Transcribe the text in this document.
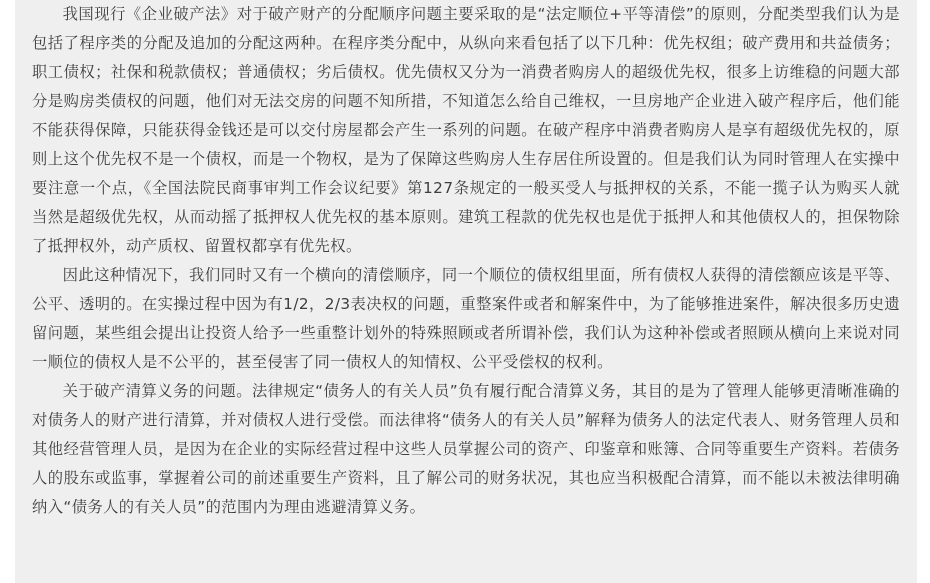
我国现行《企业破产法》对于破产财产的分配顺序问题主要采取的是“法定顺位+平等清偿”的原则，分配类型我们认为是包括了程序类的分配及追加的分配这两种。在程序类分配中，从纵向来看包括了以下几种：优先权组；破产费用和共益债务；职工债权；社保和税款债权；普通债权；劣后债权。优先债权又分为一消费者购房人的超级优先权，很多上访维稳的问题大部分是购房类债权的问题，他们对无法交房的问题不知所措，不知道怎么给自己维权，一旦房地产企业进入破产程序后，他们能不能获得保障，只能获得金钱还是可以交付房屋都会产生一系列的问题。在破产程序中消费者购房人是享有超级优先权的，原则上这个优先权不是一个债权，而是一个物权，是为了保障这些购房人生存居住所设置的。但是我们认为同时管理人在实操中要注意一个点，《全国法院民商事审判工作会议纪要》第127条规定的一般买受人与抵押权的关系，不能一揽子认为购买人就当然是超级优先权，从而动摇了抵押权人优先权的基本原则。建筑工程款的优先权也是优于抵押人和其他债权人的，担保物除了抵押权外，动产质权、留置权都享有优先权。

因此这种情况下，我们同时又有一个横向的清偿顺序，同一个顺位的债权组里面，所有债权人获得的清偿额应该是平等、公平、透明的。在实操过程中因为有1/2，2/3表决权的问题，重整案件或者和解案件中，为了能够推进案件，解决很多历史遗留问题，某些组会提出让投资人给予一些重整计划外的特殊照顾或者所谓补偿，我们认为这种补偿或者照顾从横向上来说对同一顺位的债权人是不公平的，甚至侵害了同一债权人的知情权、公平受偿权的权利。

关于破产清算义务的问题。法律规定“债务人的有关人员”负有履行配合清算义务，其目的是为了管理人能够更清晰准确的对债务人的财产进行清算，并对债权人进行受偿。而法律将“债务人的有关人员”解释为债务人的法定代表人、财务管理人员和其他经营管理人员，是因为在企业的实际经营过程中这些人员掌握公司的资产、印鉴章和账簿、合同等重要生产资料。若债务人的股东或监事，掌握着公司的前述重要生产资料，且了解公司的财务状况，其也应当积极配合清算，而不能以未被法律明确纳入“债务人的有关人员”的范围内为理由逃避清算义务。
